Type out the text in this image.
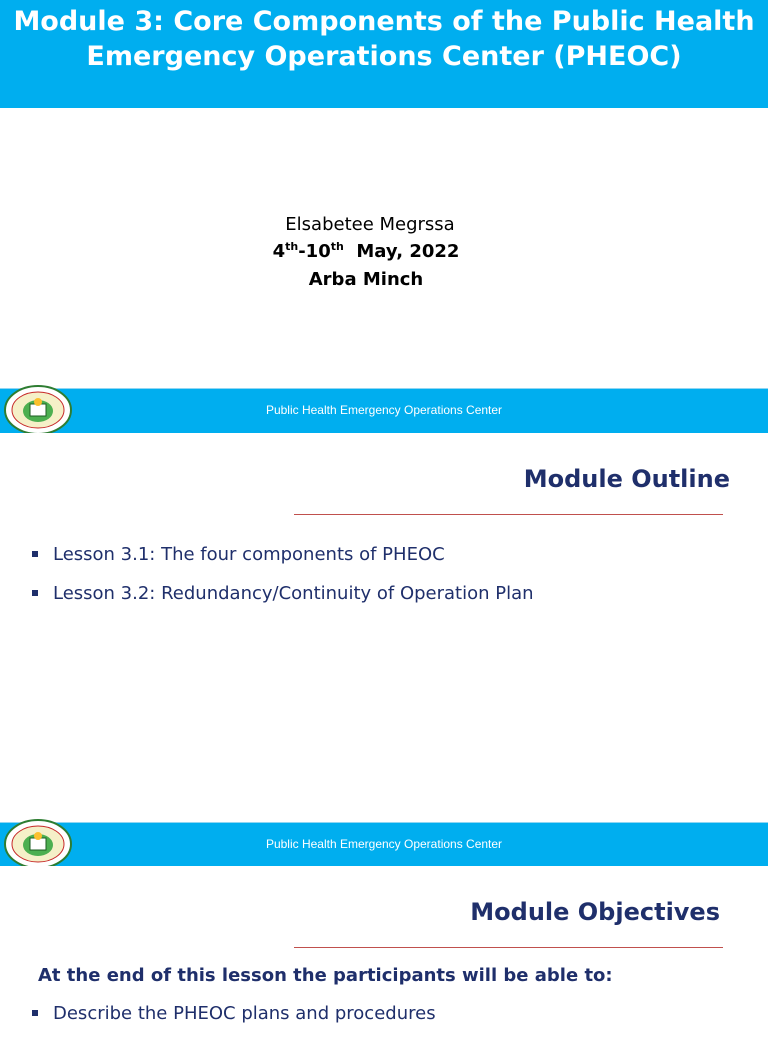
Module 3: Core Components of the Public Health Emergency Operations Center (PHEOC)
Elsabetee Megrssa
4th-10th May, 2022
Arba Minch
Public Health Emergency Operations Center
Module Outline
Lesson 3.1: The four components of PHEOC
Lesson 3.2: Redundancy/Continuity of Operation Plan
Public Health Emergency Operations Center
Module Objectives
At the end of this lesson the participants will be able to:
Describe the PHEOC plans and procedures
